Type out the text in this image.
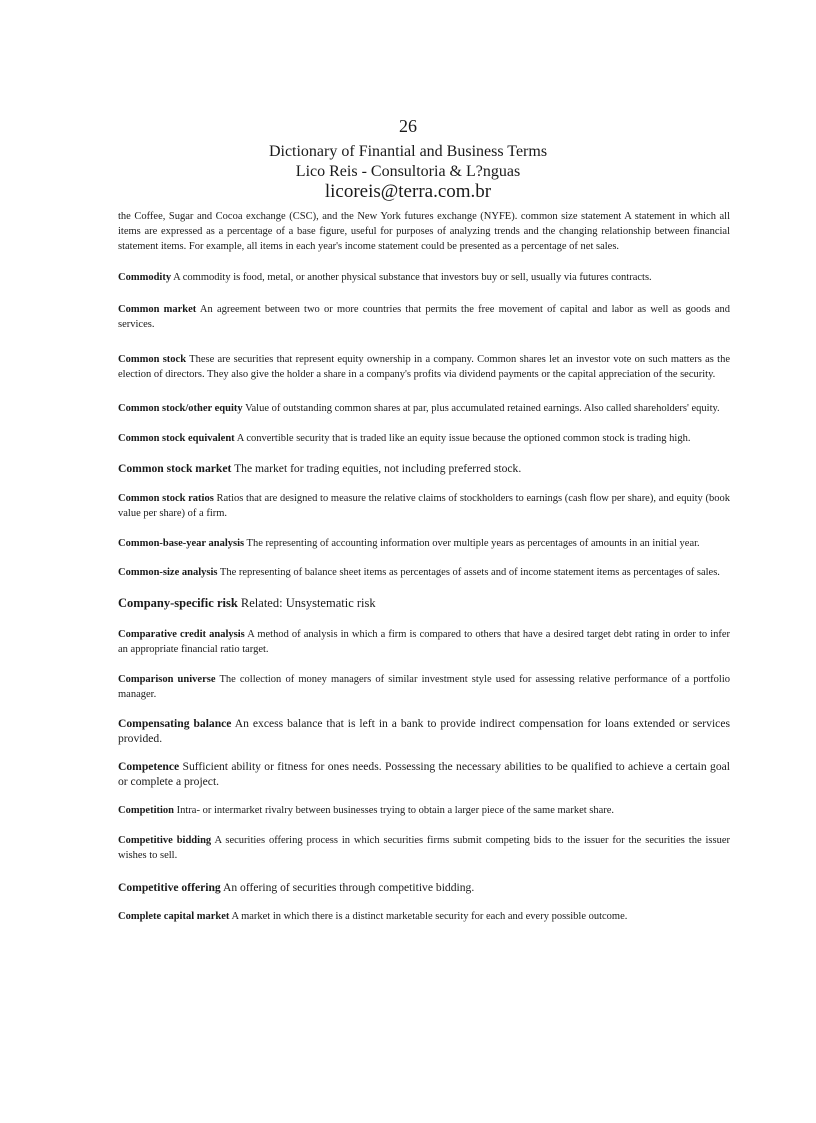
26
Dictionary of Finantial and Business Terms
Lico Reis - Consultoria & L?nguas
licoreis@terra.com.br

the Coffee, Sugar and Cocoa exchange (CSC), and the New York futures exchange (NYFE). common size statement A statement in which all items are expressed as a percentage of a base figure, useful for purposes of analyzing trends and the changing relationship between financial statement items. For example, all items in each year's income statement could be presented as a percentage of net sales.

Commodity A commodity is food, metal, or another physical substance that investors buy or sell, usually via futures contracts.

Common market An agreement between two or more countries that permits the free movement of capital and labor as well as goods and services.

Common stock These are securities that represent equity ownership in a company. Common shares let an investor vote on such matters as the election of directors. They also give the holder a share in a company's profits via dividend payments or the capital appreciation of the security.

Common stock/other equity Value of outstanding common shares at par, plus accumulated retained earnings. Also called shareholders' equity.

Common stock equivalent A convertible security that is traded like an equity issue because the optioned common stock is trading high.

Common stock market The market for trading equities, not including preferred stock.

Common stock ratios Ratios that are designed to measure the relative claims of stockholders to earnings (cash flow per share), and equity (book value per share) of a firm.

Common-base-year analysis The representing of accounting information over multiple years as percentages of amounts in an initial year.

Common-size analysis The representing of balance sheet items as percentages of assets and of income statement items as percentages of sales.

Company-specific risk Related: Unsystematic risk

Comparative credit analysis A method of analysis in which a firm is compared to others that have a desired target debt rating in order to infer an appropriate financial ratio target.

Comparison universe The collection of money managers of similar investment style used for assessing relative performance of a portfolio manager.

Compensating balance An excess balance that is left in a bank to provide indirect compensation for loans extended or services provided.

Competence Sufficient ability or fitness for ones needs. Possessing the necessary abilities to be qualified to achieve a certain goal or complete a project.

Competition Intra- or intermarket rivalry between businesses trying to obtain a larger piece of the same market share.

Competitive bidding A securities offering process in which securities firms submit competing bids to the issuer for the securities the issuer wishes to sell.

Competitive offering An offering of securities through competitive bidding.

Complete capital market A market in which there is a distinct marketable security for each and every possible outcome.
